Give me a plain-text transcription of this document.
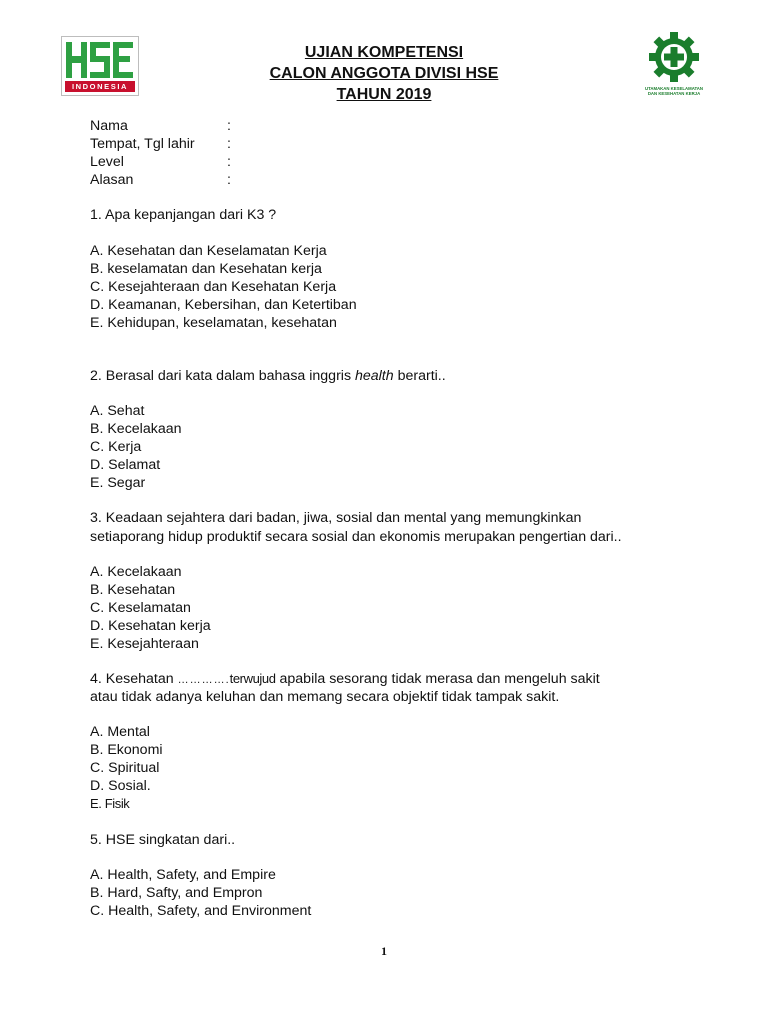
INDONESIA
UJIAN KOMPETENSI
CALON ANGGOTA DIVISI HSE
TAHUN 2019	UTAMAKAN KESELAMATAN
DAN KESEHATAN KERJA
Nama	:
Tempat, Tgl lahir :
Level	:
Alasan	:
1. Apa kepanjangan dari K3 ?
A. Kesehatan dan Keselamatan Kerja
B. keselamatan dan Kesehatan kerja
C. Kesejahteraan dan Kesehatan Kerja
D. Keamanan, Kebersihan, dan Ketertiban
E. Kehidupan, keselamatan, kesehatan
2. Berasal dari kata dalam bahasa inggris health berarti..
A. Sehat
B. Kecelakaan
C. Kerja
D. Selamat
E. Segar
3. Keadaan sejahtera dari badan, jiwa, sosial dan mental yang memungkinkan
setiaporang hidup produktif secara sosial dan ekonomis merupakan pengertian dari..
A. Kecelakaan
B. Kesehatan
C. Keselamatan
D. Kesehatan kerja
E. Kesejahteraan
4. Kesehatan ………….terwujud apabila sesorang tidak merasa dan mengeluh sakit
atau tidak adanya keluhan dan memang secara objektif tidak tampak sakit.
A. Mental
B. Ekonomi
C. Spiritual
D. Sosial.
E. Fisik
5. HSE singkatan dari..
A. Health, Safety, and Empire
B. Hard, Safty, and Empron
C. Health, Safety, and Environment
1
